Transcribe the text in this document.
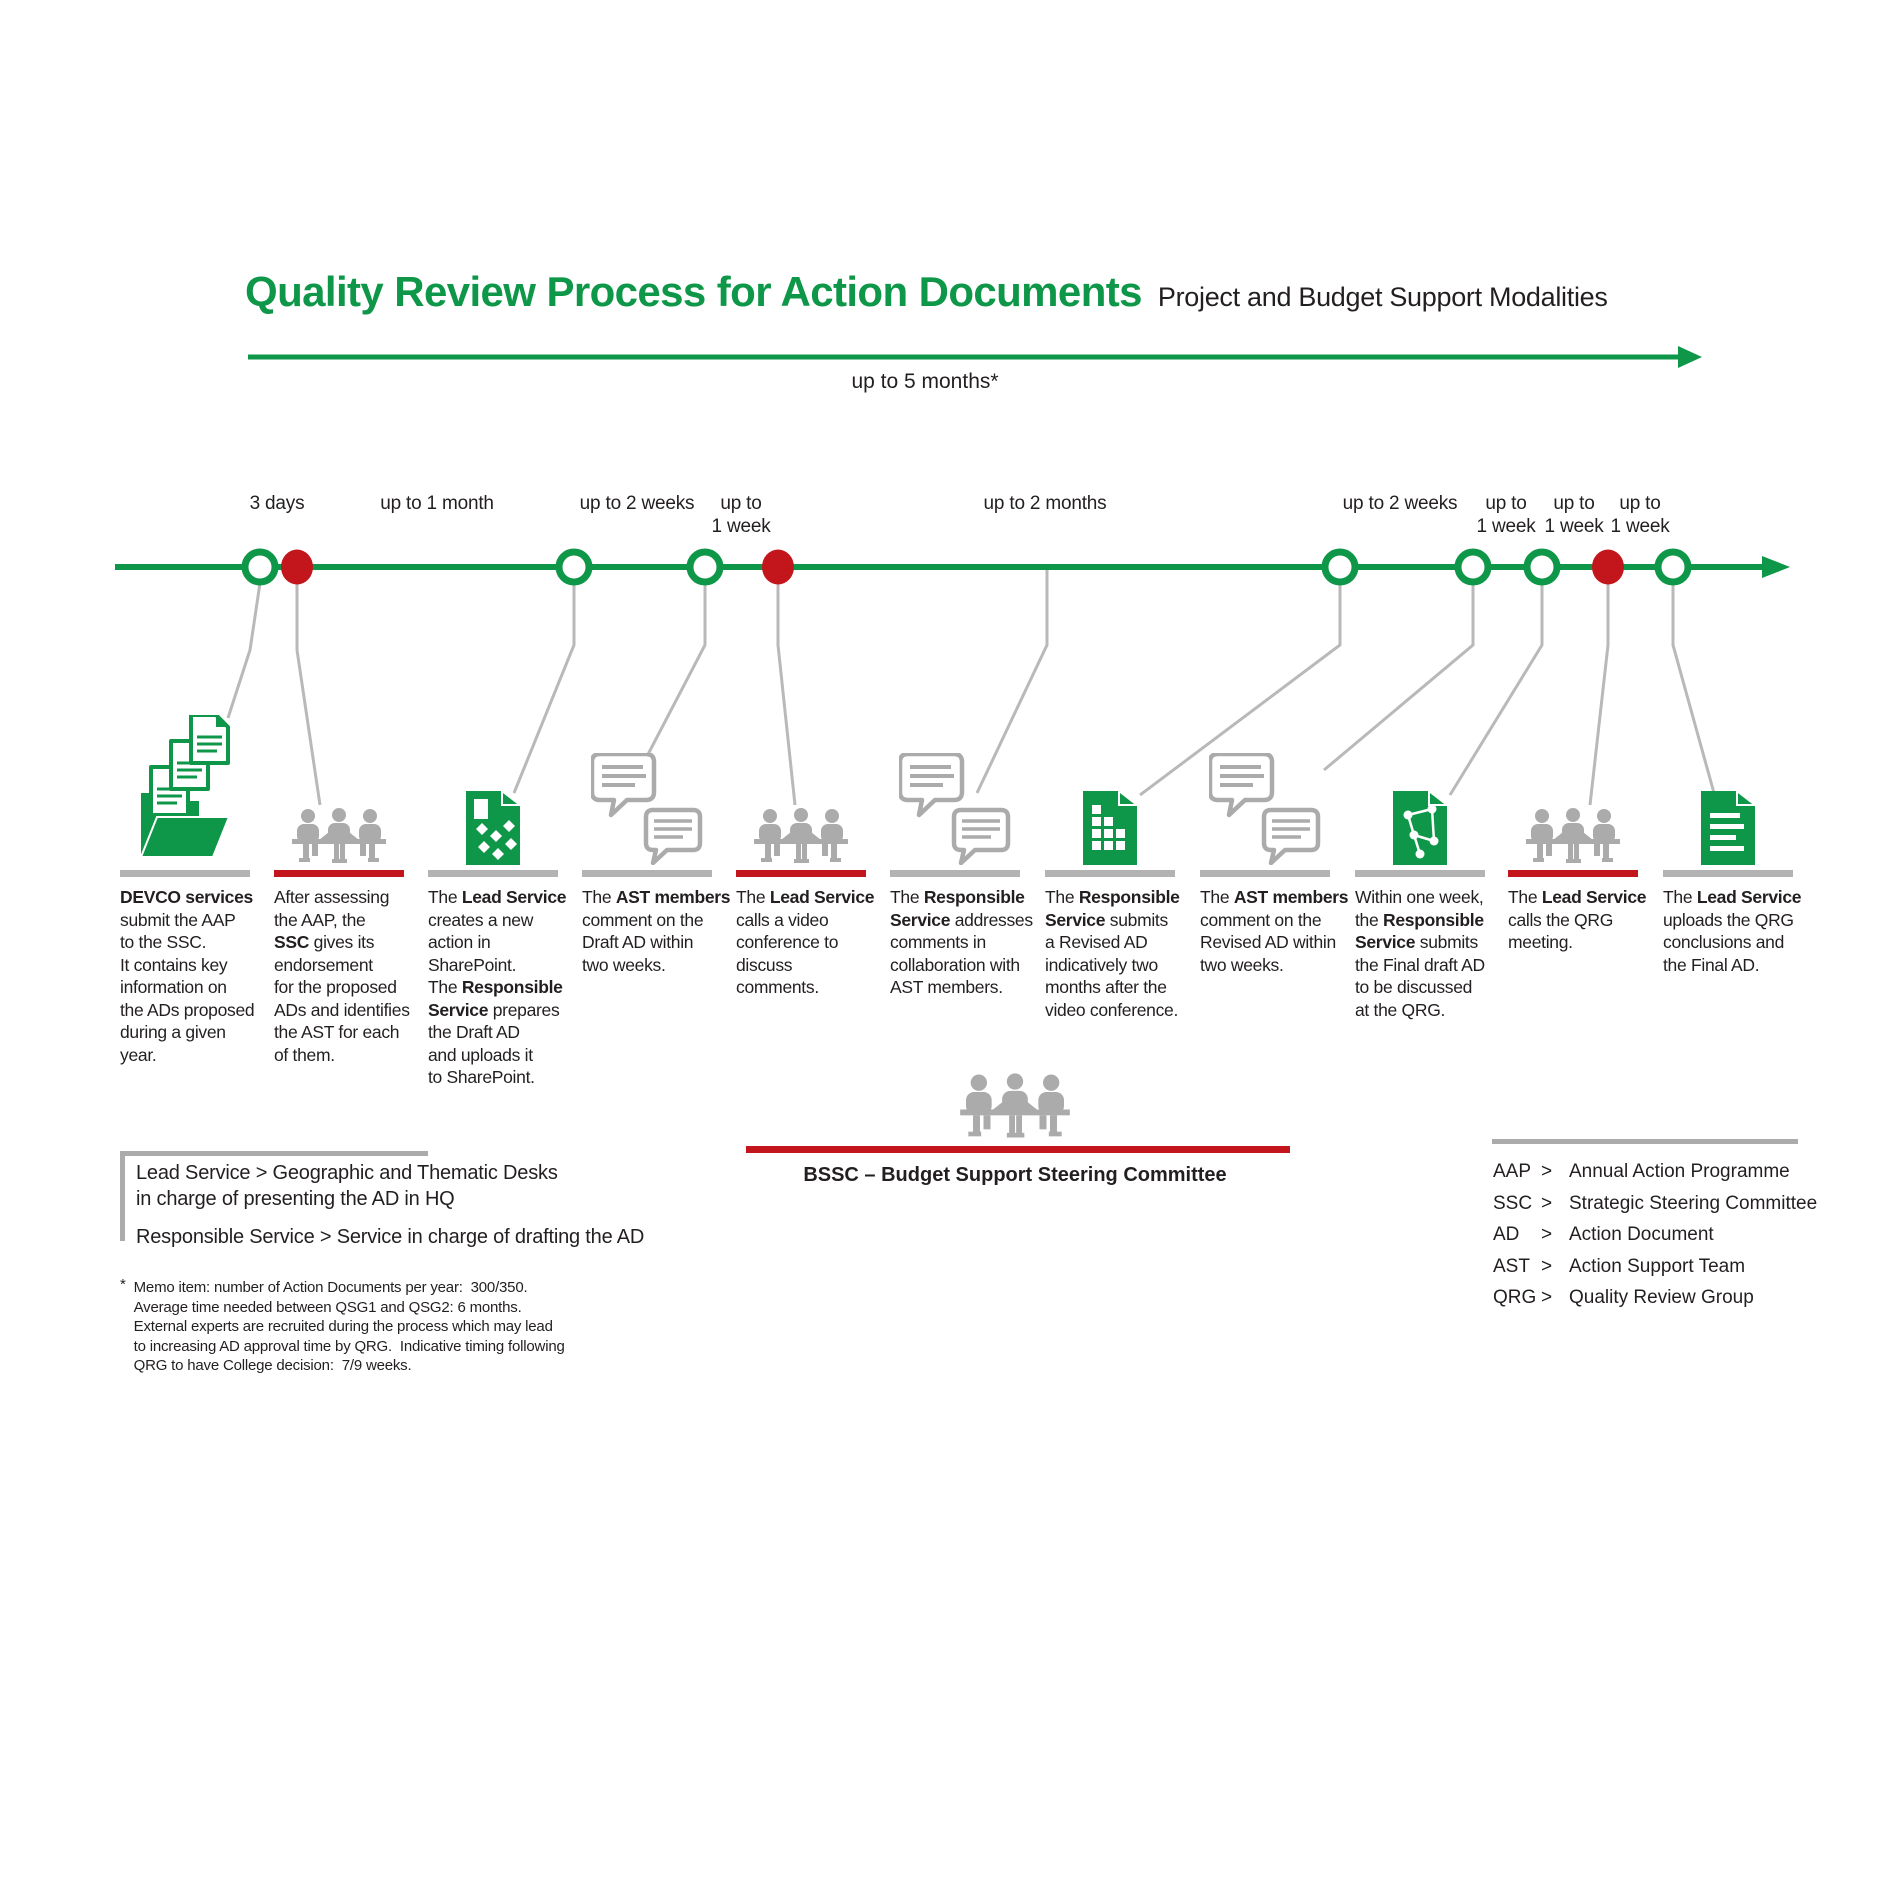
Quality Review Process for Action Documents Project and Budget Support Modalities
up to 5 months*
3 days	up to 1 month	up to 2 weeks	up to
1 week
up to 2 months	up to 2 weeks	up to
1 week
up to
1 week
up to
1 week
DEVCO services
submit the AAP
to the SSC.
It contains key
information on
the ADs proposed
during a given
year.
After assessing
the AAP, the
SSC gives its
endorsement
for the proposed
ADs and identifies
the AST for each
of them.
The Lead Service
creates a new
action in
SharePoint.
The Responsible
Service prepares
the Draft AD
and uploads it
to SharePoint.
The AST members
comment on the
Draft AD within
two weeks.
The Lead Service
calls a video
conference to
discuss
comments.
The Responsible
Service addresses
comments in
collaboration with
AST members.
The Responsible
Service submits
a Revised AD
indicatively two
months after the
video conference.
The AST members
comment on the
Revised AD within
two weeks.
Within one week,
the Responsible
Service submits
the Final draft AD
to be discussed
at the QRG.
The Lead Service
calls the QRG
meeting.
The Lead Service
uploads the QRG
conclusions and
the Final AD.
BSSC – Budget Support Steering Committee
Lead Service > Geographic and Thematic Desks
in charge of presenting the AD in HQ
Responsible Service > Service in charge of drafting the AD
* Memo item: number of Action Documents per year:  300/350.
Average time needed between QSG1 and QSG2: 6 months.
External experts are recruited during the process which may lead
to increasing AD approval time by QRG.  Indicative timing following
QRG to have College decision:  7/9 weeks.
AAP > Annual Action Programme
SSC > Strategic Steering Committee
AD	> Action Document
AST > Action Support Team
QRG > Quality Review Group
